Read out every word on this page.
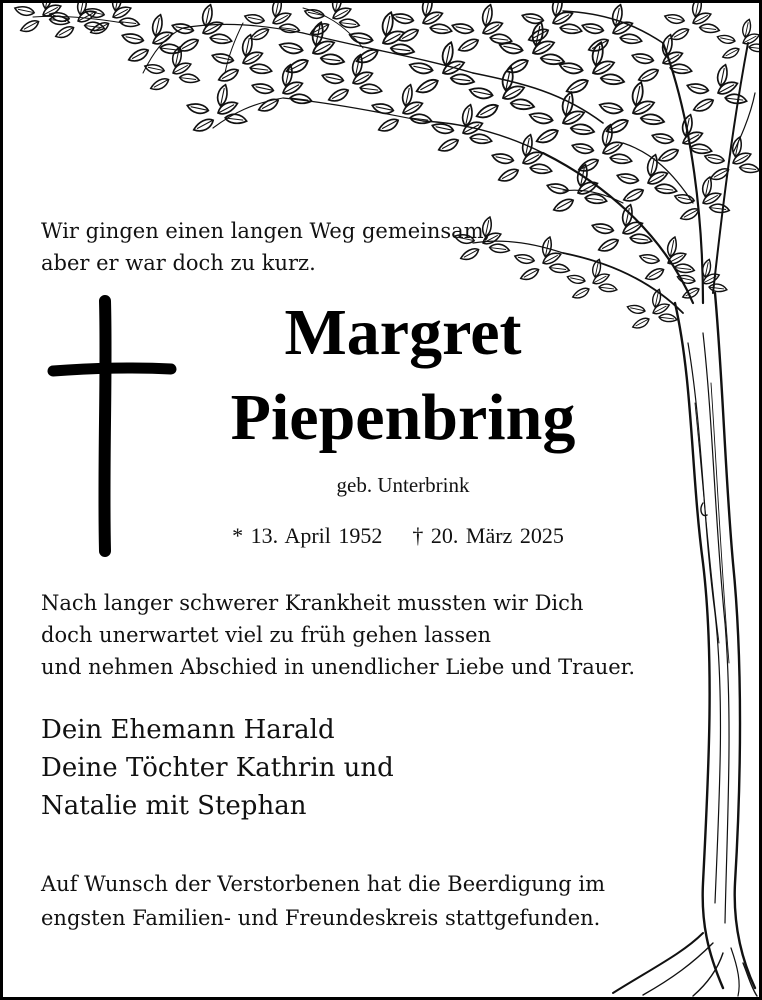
Wir gingen einen langen Weg gemeinsam,
aber er war doch zu kurz.
Margret
Piepenbring
geb. Unterbrink
* 13. April 1952 † 20. März 2025
Nach langer schwerer Krankheit mussten wir Dich
doch unerwartet viel zu früh gehen lassen
und nehmen Abschied in unendlicher Liebe und Trauer.
Dein Ehemann Harald
Deine Töchter Kathrin und
Natalie mit Stephan
Auf Wunsch der Verstorbenen hat die Beerdigung im
engsten Familien- und Freundeskreis stattgefunden.
